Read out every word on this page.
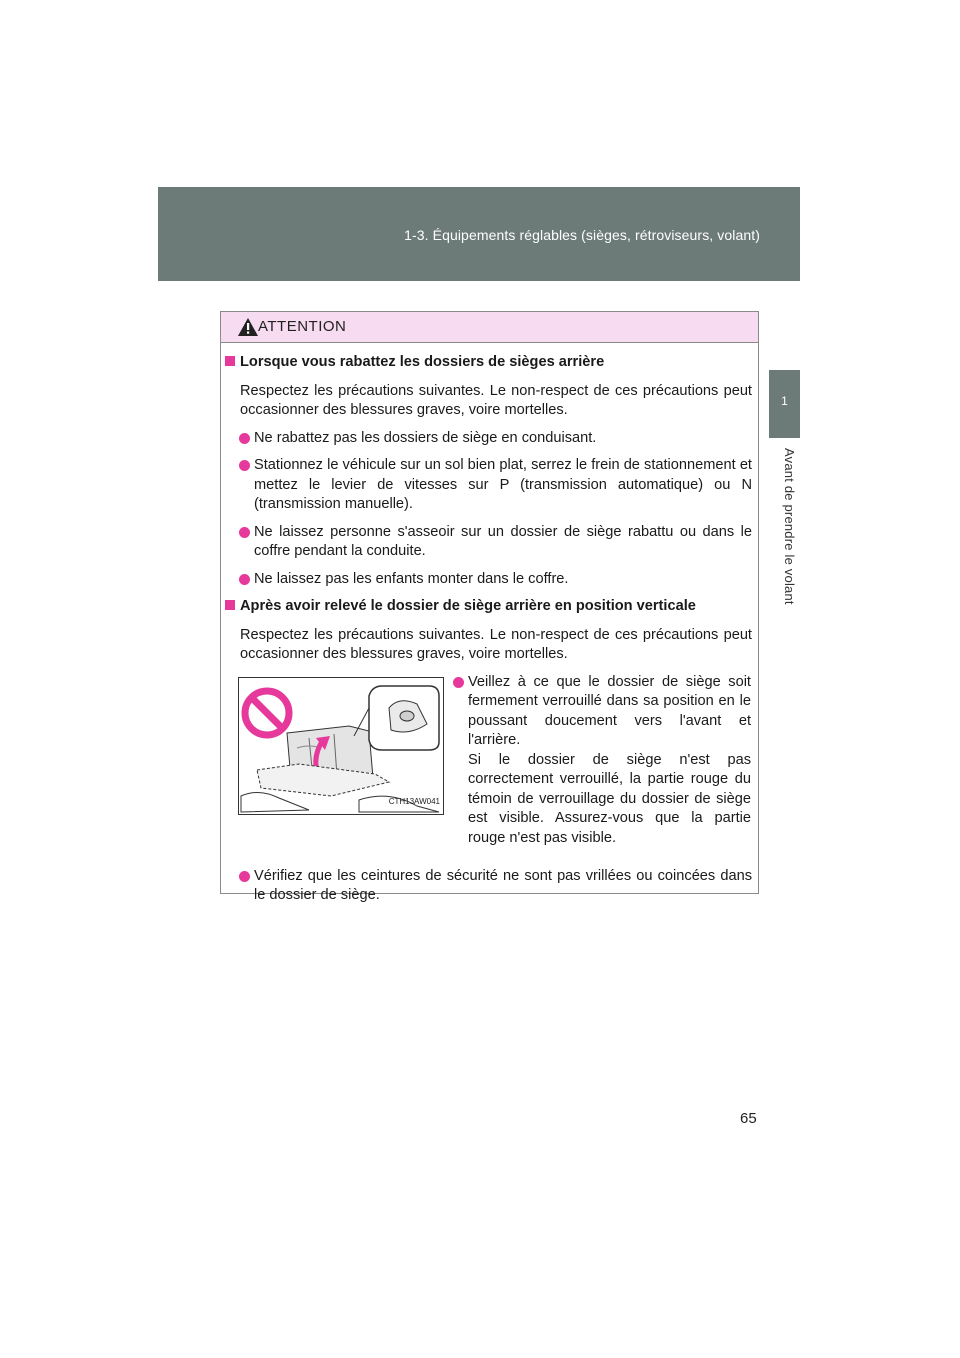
1-3. Équipements réglables (sièges, rétroviseurs, volant)
1
Avant de prendre le volant
ATTENTION
Lorsque vous rabattez les dossiers de sièges arrière
Respectez les précautions suivantes. Le non-respect de ces précautions peut occasionner des blessures graves, voire mortelles.
Ne rabattez pas les dossiers de siège en conduisant.
Stationnez le véhicule sur un sol bien plat, serrez le frein de stationnement et mettez le levier de vitesses sur P (transmission automatique) ou N (transmission manuelle).
Ne laissez personne s'asseoir sur un dossier de siège rabattu ou dans le coffre pendant la conduite.
Ne laissez pas les enfants monter dans le coffre.
Après avoir relevé le dossier de siège arrière en position verticale
Respectez les précautions suivantes. Le non-respect de ces précautions peut occasionner des blessures graves, voire mortelles.
CTH13AW041
Veillez à ce que le dossier de siège soit fermement verrouillé dans sa position en le poussant doucement vers l'avant et l'arrière.
Si le dossier de siège n'est pas correctement verrouillé, la partie rouge du témoin de verrouillage du dossier de siège est visible. Assurez-vous que la partie rouge n'est pas visible.
Vérifiez que les ceintures de sécurité ne sont pas vrillées ou coincées dans le dossier de siège.
65
